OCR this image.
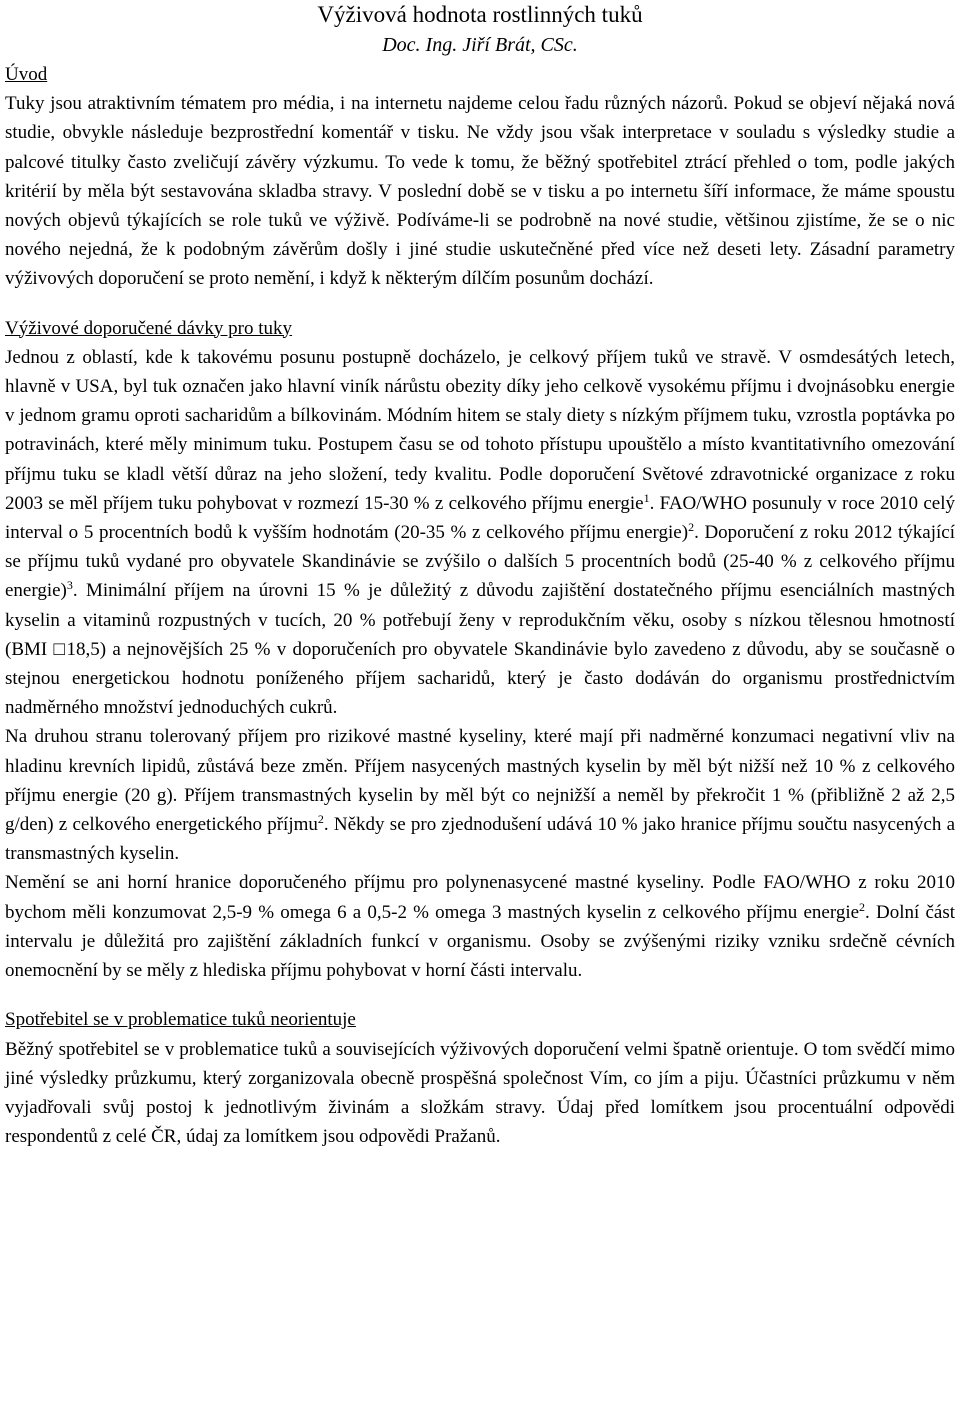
Výživová hodnota rostlinných tuků
Doc. Ing. Jiří Brát, CSc.
Úvod

Tuky jsou atraktivním tématem pro média, i na internetu najdeme celou řadu různých názorů. Pokud se objeví nějaká nová studie, obvykle následuje bezprostřední komentář v tisku. Ne vždy jsou však interpretace v souladu s výsledky studie a palcové titulky často zveličují závěry výzkumu. To vede k tomu, že běžný spotřebitel ztrácí přehled o tom, podle jakých kritérií by měla být sestavována skladba stravy. V poslední době se v tisku a po internetu šíří informace, že máme spoustu nových objevů týkajících se role tuků ve výživě. Podíváme-li se podrobně na nové studie, většinou zjistíme, že se o nic nového nejedná, že k podobným závěrům došly i jiné studie uskutečněné před více než deseti lety. Zásadní parametry výživových doporučení se proto nemění, i když k některým dílčím posunům dochází.

Výživové doporučené dávky pro tuky

Jednou z oblastí, kde k takovému posunu postupně docházelo, je celkový příjem tuků ve stravě. V osmdesátých letech, hlavně v USA, byl tuk označen jako hlavní viník nárůstu obezity díky jeho celkově vysokému příjmu i dvojnásobku energie v jednom gramu oproti sacharidům a bílkovinám. Módním hitem se staly diety s nízkým příjmem tuku, vzrostla poptávka po potravinách, které měly minimum tuku. Postupem času se od tohoto přístupu upouštělo a místo kvantitativního omezování příjmu tuku se kladl větší důraz na jeho složení, tedy kvalitu. Podle doporučení Světové zdravotnické organizace z roku 2003 se měl příjem tuku pohybovat v rozmezí 15-30 % z celkového příjmu energie$^1$. FAO/WHO posunuly v roce 2010 celý interval o 5 procentních bodů k vyšším hodnotám (20-35 % z celkového příjmu energie)$^2$. Doporučení z roku 2012 týkající se příjmu tuků vydané pro obyvatele Skandinávie se zvýšilo o dalších 5 procentních bodů (25-40 % z celkového příjmu energie)$^3$. Minimální příjem na úrovni 15 % je důležitý z důvodu zajištění dostatečného příjmu esenciálních mastných kyselin a vitaminů rozpustných v tucích, 20 % potřebují ženy v reprodukčním věku, osoby s nízkou tělesnou hmotností (BMI □18,5) a nejnovějších 25 % v doporučeních pro obyvatele Skandinávie bylo zavedeno z důvodu, aby se současně o stejnou energetickou hodnotu poníženého příjem sacharidů, který je často dodáván do organismu prostřednictvím nadměrného množství jednoduchých cukrů.

Na druhou stranu tolerovaný příjem pro rizikové mastné kyseliny, které mají při nadměrné konzumaci negativní vliv na hladinu krevních lipidů, zůstává beze změn. Příjem nasycených mastných kyselin by měl být nižší než 10 % z celkového příjmu energie (20 g). Příjem transmastných kyselin by měl být co nejnižší a neměl by překročit 1 % (přibližně 2 až 2,5 g/den) z celkového energetického příjmu$^2$. Někdy se pro zjednodušení udává 10 % jako hranice příjmu součtu nasycených a transmastných kyselin.

Nemění se ani horní hranice doporučeného příjmu pro polynenasycené mastné kyseliny. Podle FAO/WHO z roku 2010 bychom měli konzumovat 2,5-9 % omega 6 a 0,5-2 % omega 3 mastných kyselin z celkového příjmu energie$^2$. Dolní část intervalu je důležitá pro zajištění základních funkcí v organismu. Osoby se zvýšenými riziky vzniku srdečně cévních onemocnění by se měly z hlediska příjmu pohybovat v horní části intervalu.

Spotřebitel se v problematice tuků neorientuje

Běžný spotřebitel se v problematice tuků a souvisejících výživových doporučení velmi špatně orientuje. O tom svědčí mimo jiné výsledky průzkumu, který zorganizovala obecně prospěšná společnost Vím, co jím a piju. Účastníci průzkumu v něm vyjadřovali svůj postoj k jednotlivým živinám a složkám stravy. Údaj před lomítkem jsou procentuální odpovědi respondentů z celé ČR, údaj za lomítkem jsou odpovědi Pražanů.
